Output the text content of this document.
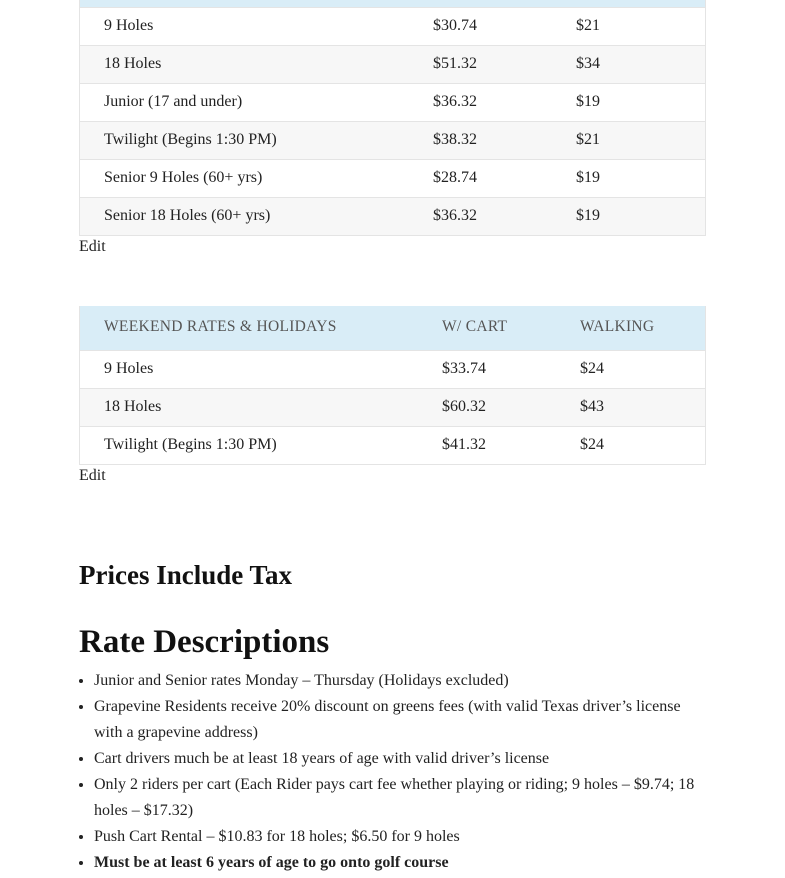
9 Holes	$30.74	$21
18 Holes	$51.32	$34
Junior (17 and under)	$36.32	$19
Twilight (Begins 1:30 PM)	$38.32	$21
Senior 9 Holes (60+ yrs)	$28.74	$19
Senior 18 Holes (60+ yrs)	$36.32	$19
Edit
WEEKEND RATES & HOLIDAYS	W/ CART	WALKING
9 Holes	$33.74	$24
18 Holes	$60.32	$43
Twilight (Begins 1:30 PM)	$41.32	$24
Edit
Prices Include Tax
Rate Descriptions
• Junior and Senior rates Monday – Thursday (Holidays excluded)
• Grapevine Residents receive 20% discount on greens fees (with valid Texas driver’s license with a grapevine address)
• Cart drivers much be at least 18 years of age with valid driver’s license
• Only 2 riders per cart (Each Rider pays cart fee whether playing or riding; 9 holes – $9.74; 18 holes – $17.32)
• Push Cart Rental – $10.83 for 18 holes; $6.50 for 9 holes
• Must be at least 6 years of age to go onto golf course
